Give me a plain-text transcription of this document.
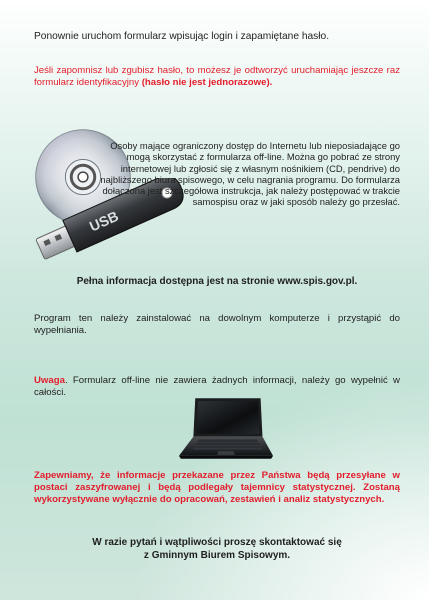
Ponownie uruchom formularz wpisując login i zapamiętane hasło.
Jeśli zapomnisz lub zgubisz hasło, to możesz je odtworzyć uruchamiając jeszcze raz formularz identyfikacyjny (hasło nie jest jednorazowe).
USB
Osoby mające ograniczony dostęp do Internetu lub nieposiadające go mogą skorzystać z formularza off-line. Można go pobrać ze strony internetowej lub zgłosić się z własnym nośnikiem (CD, pendrive) do najbliższego biura spisowego, w celu nagrania programu. Do formularza dołączona jest szczegółowa instrukcja, jak należy postępować w trakcie samospisu oraz w jaki sposób należy go przesłać.
Pełna informacja dostępna jest na stronie www.spis.gov.pl.
Program ten należy zainstalować na dowolnym komputerze i przystąpić do wypełniania.
Uwaga. Formularz off-line nie zawiera żadnych informacji, należy go wypełnić w całości.
Zapewniamy, że informacje przekazane przez Państwa będą przesyłane w postaci zaszyfrowanej i będą podlegały tajemnicy statystycznej. Zostaną wykorzystywane wyłącznie do opracowań, zestawień i analiz statystycznych.
W razie pytań i wątpliwości proszę skontaktować się
z Gminnym Biurem Spisowym.
